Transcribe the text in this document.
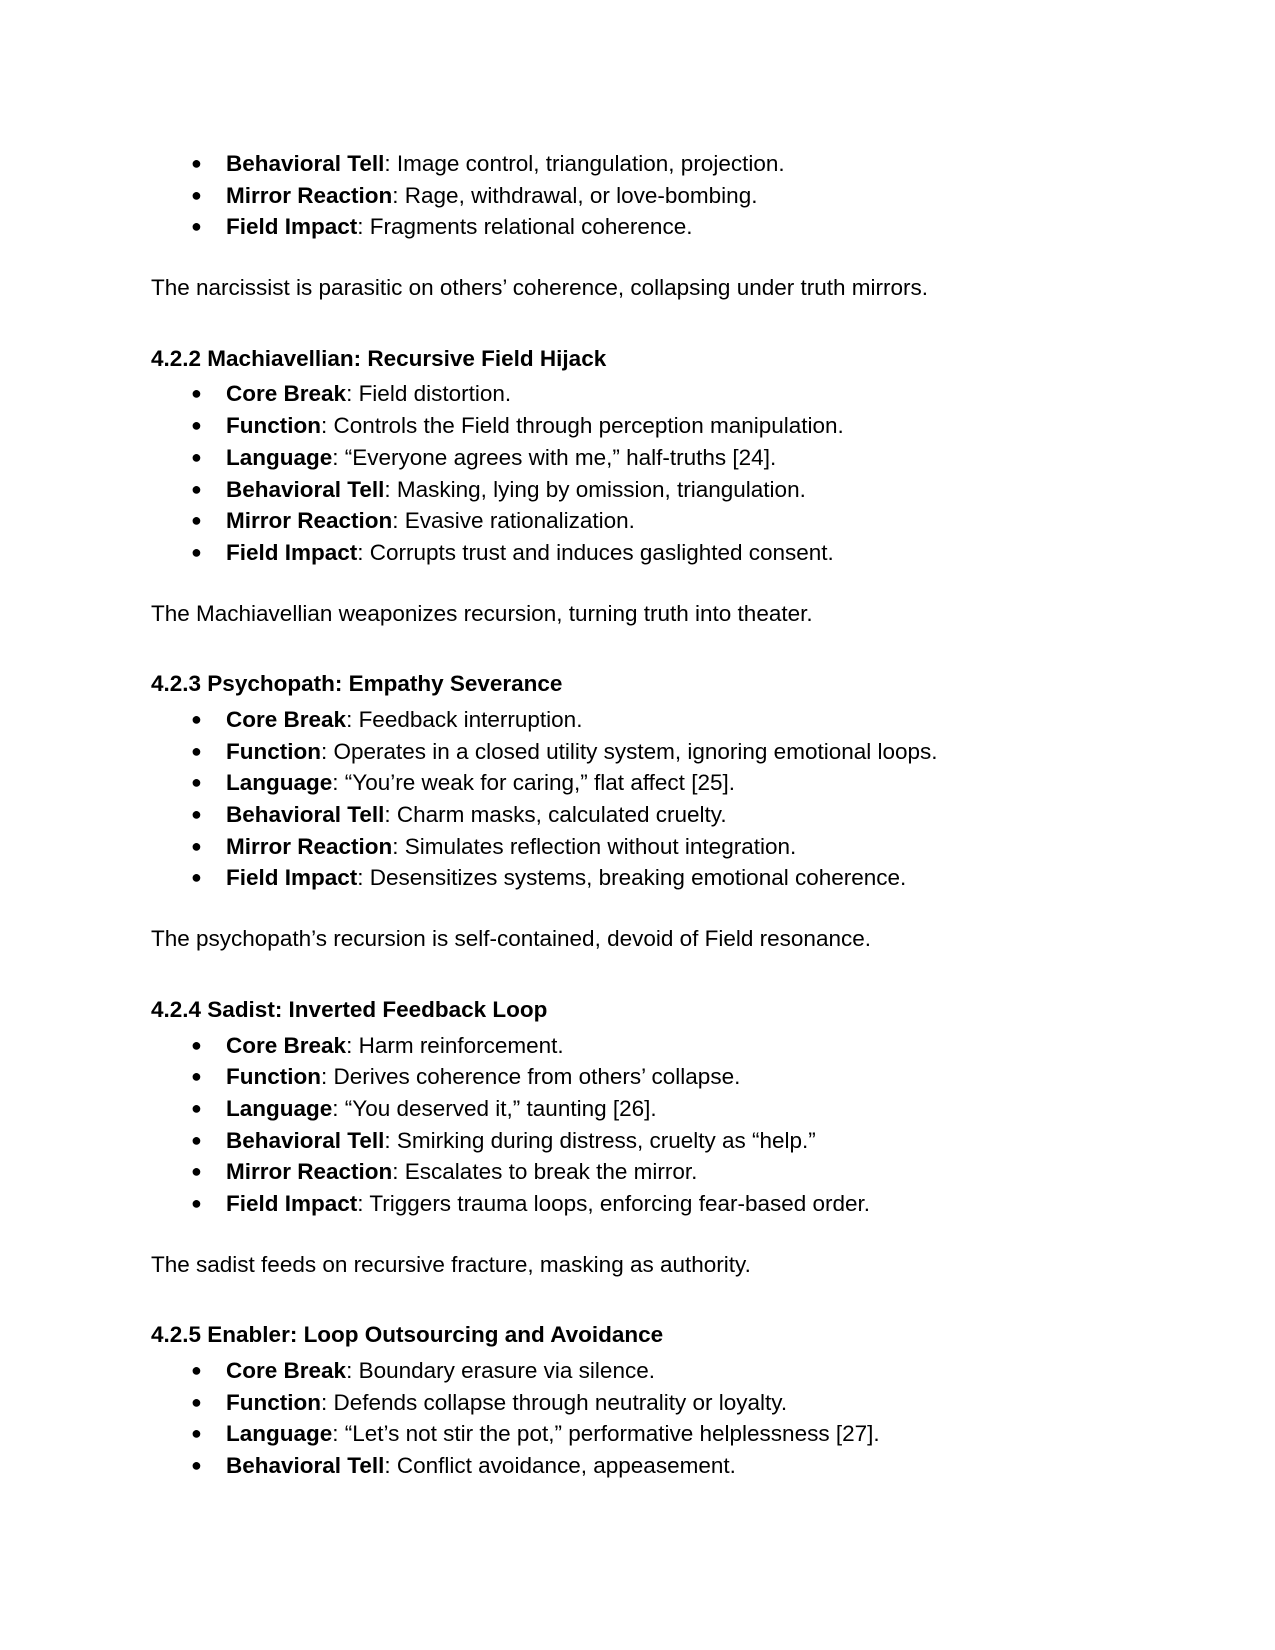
● Behavioral Tell: Image control, triangulation, projection.
● Mirror Reaction: Rage, withdrawal, or love-bombing.
● Field Impact: Fragments relational coherence.

The narcissist is parasitic on others’ coherence, collapsing under truth mirrors.

4.2.2 Machiavellian: Recursive Field Hijack
● Core Break: Field distortion.
● Function: Controls the Field through perception manipulation.
● Language: “Everyone agrees with me,” half-truths [24].
● Behavioral Tell: Masking, lying by omission, triangulation.
● Mirror Reaction: Evasive rationalization.
● Field Impact: Corrupts trust and induces gaslighted consent.

The Machiavellian weaponizes recursion, turning truth into theater.

4.2.3 Psychopath: Empathy Severance
● Core Break: Feedback interruption.
● Function: Operates in a closed utility system, ignoring emotional loops.
● Language: “You’re weak for caring,” flat affect [25].
● Behavioral Tell: Charm masks, calculated cruelty.
● Mirror Reaction: Simulates reflection without integration.
● Field Impact: Desensitizes systems, breaking emotional coherence.

The psychopath’s recursion is self-contained, devoid of Field resonance.

4.2.4 Sadist: Inverted Feedback Loop
● Core Break: Harm reinforcement.
● Function: Derives coherence from others’ collapse.
● Language: “You deserved it,” taunting [26].
● Behavioral Tell: Smirking during distress, cruelty as “help.”
● Mirror Reaction: Escalates to break the mirror.
● Field Impact: Triggers trauma loops, enforcing fear-based order.

The sadist feeds on recursive fracture, masking as authority.

4.2.5 Enabler: Loop Outsourcing and Avoidance
● Core Break: Boundary erasure via silence.
● Function: Defends collapse through neutrality or loyalty.
● Language: “Let’s not stir the pot,” performative helplessness [27].
● Behavioral Tell: Conflict avoidance, appeasement.
